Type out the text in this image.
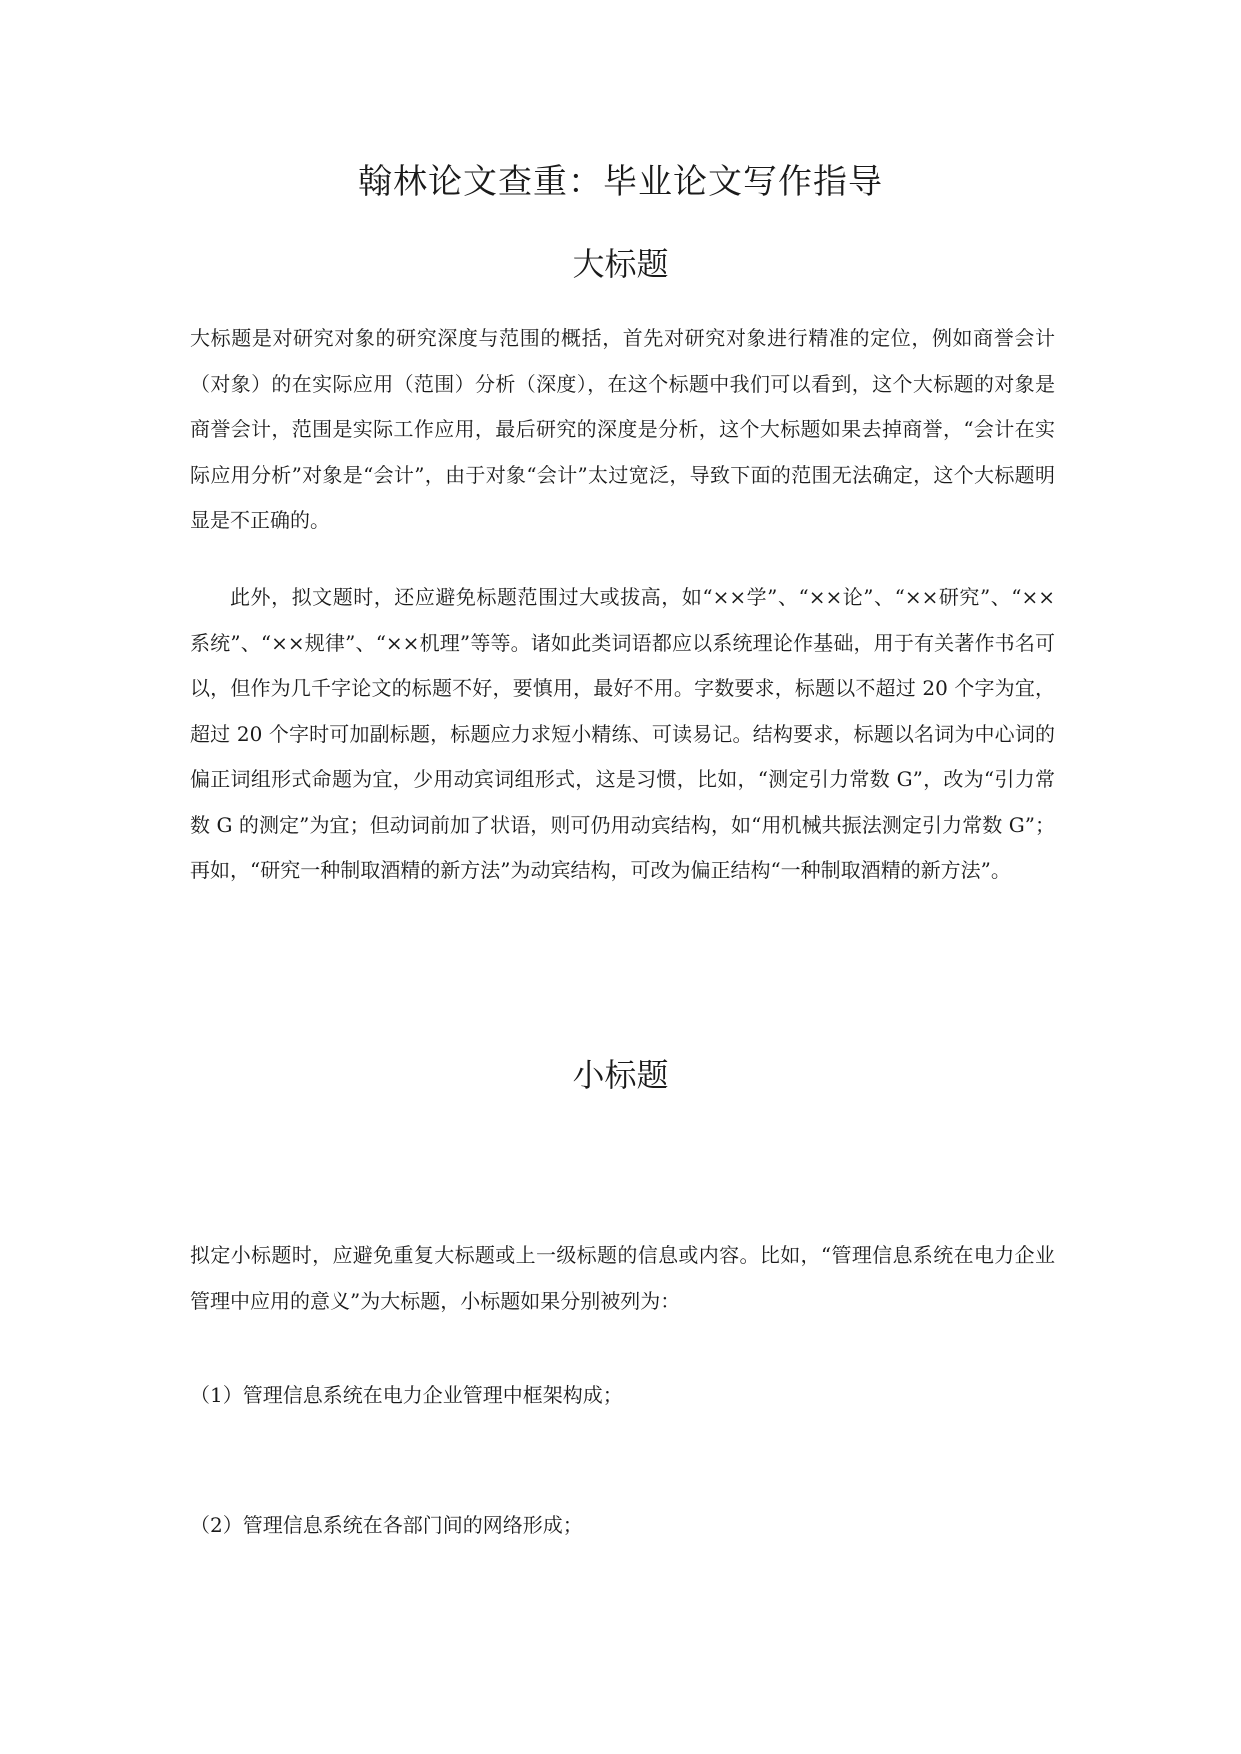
翰林论文查重：毕业论文写作指导
大标题

大标题是对研究对象的研究深度与范围的概括，首先对研究对象进行精准的定位，例如商誉会计（对象）的在实际应用（范围）分析（深度），在这个标题中我们可以看到，这个大标题的对象是商誉会计，范围是实际工作应用，最后研究的深度是分析，这个大标题如果去掉商誉，“会计在实际应用分析”对象是“会计”，由于对象“会计”太过宽泛，导致下面的范围无法确定，这个大标题明显是不正确的。

此外，拟文题时，还应避免标题范围过大或拔高，如“××学”、“××论”、“××研究”、“××系统”、“××规律”、“××机理”等等。诸如此类词语都应以系统理论作基础，用于有关著作书名可以，但作为几千字论文的标题不好，要慎用，最好不用。字数要求，标题以不超过 20 个字为宜，超过 20 个字时可加副标题，标题应力求短小精练、可读易记。结构要求，标题以名词为中心词的偏正词组形式命题为宜，少用动宾词组形式，这是习惯，比如，“测定引力常数 G”，改为“引力常数 G 的测定”为宜；但动词前加了状语，则可仍用动宾结构，如“用机械共振法测定引力常数 G”；再如，“研究一种制取酒精的新方法”为动宾结构，可改为偏正结构“一种制取酒精的新方法”。

小标题

拟定小标题时，应避免重复大标题或上一级标题的信息或内容。比如，“管理信息系统在电力企业管理中应用的意义”为大标题，小标题如果分别被列为：

（1）管理信息系统在电力企业管理中框架构成；

（2）管理信息系统在各部门间的网络形成；
